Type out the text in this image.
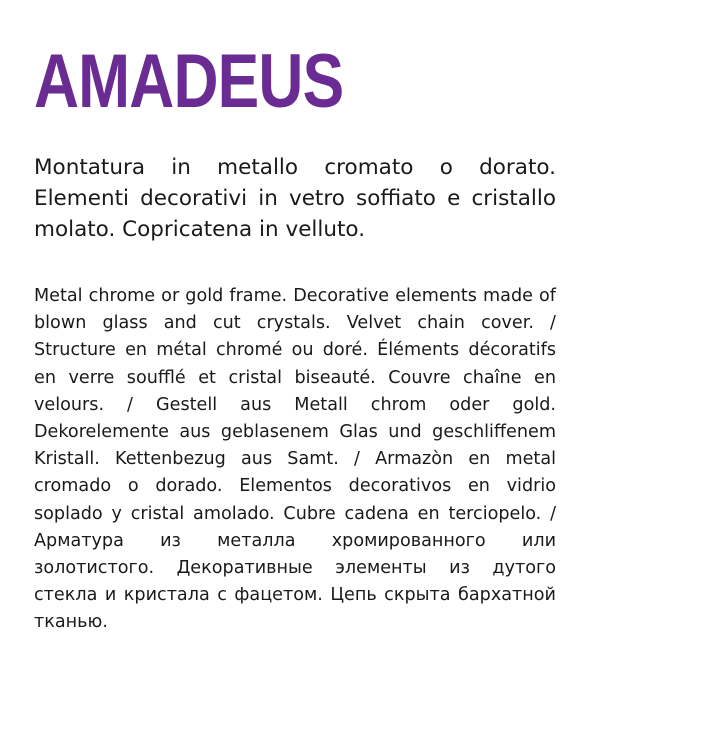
AMADEUS

Montatura in metallo cromato o dorato. Elementi decorativi in vetro soffiato e cristallo molato. Copricatena in velluto.

Metal chrome or gold frame. Decorative elements made of blown glass and cut crystals. Velvet chain cover. / Structure en métal chromé ou doré. Éléments décoratifs en verre soufflé et cristal biseauté. Couvre chaîne en velours. / Gestell aus Metall chrom oder gold. Dekorelemente aus geblasenem Glas und geschliffenem Kristall. Kettenbezug aus Samt. / Armazòn en metal cromado o dorado. Elementos decorativos en vidrio soplado y cristal amolado. Cubre cadena en terciopelo. / Арматура из металла хромированного или золотистого. Декоративные элементы из дутого стекла и кристала с фацетом. Цепь скрыта бархатной тканью.
